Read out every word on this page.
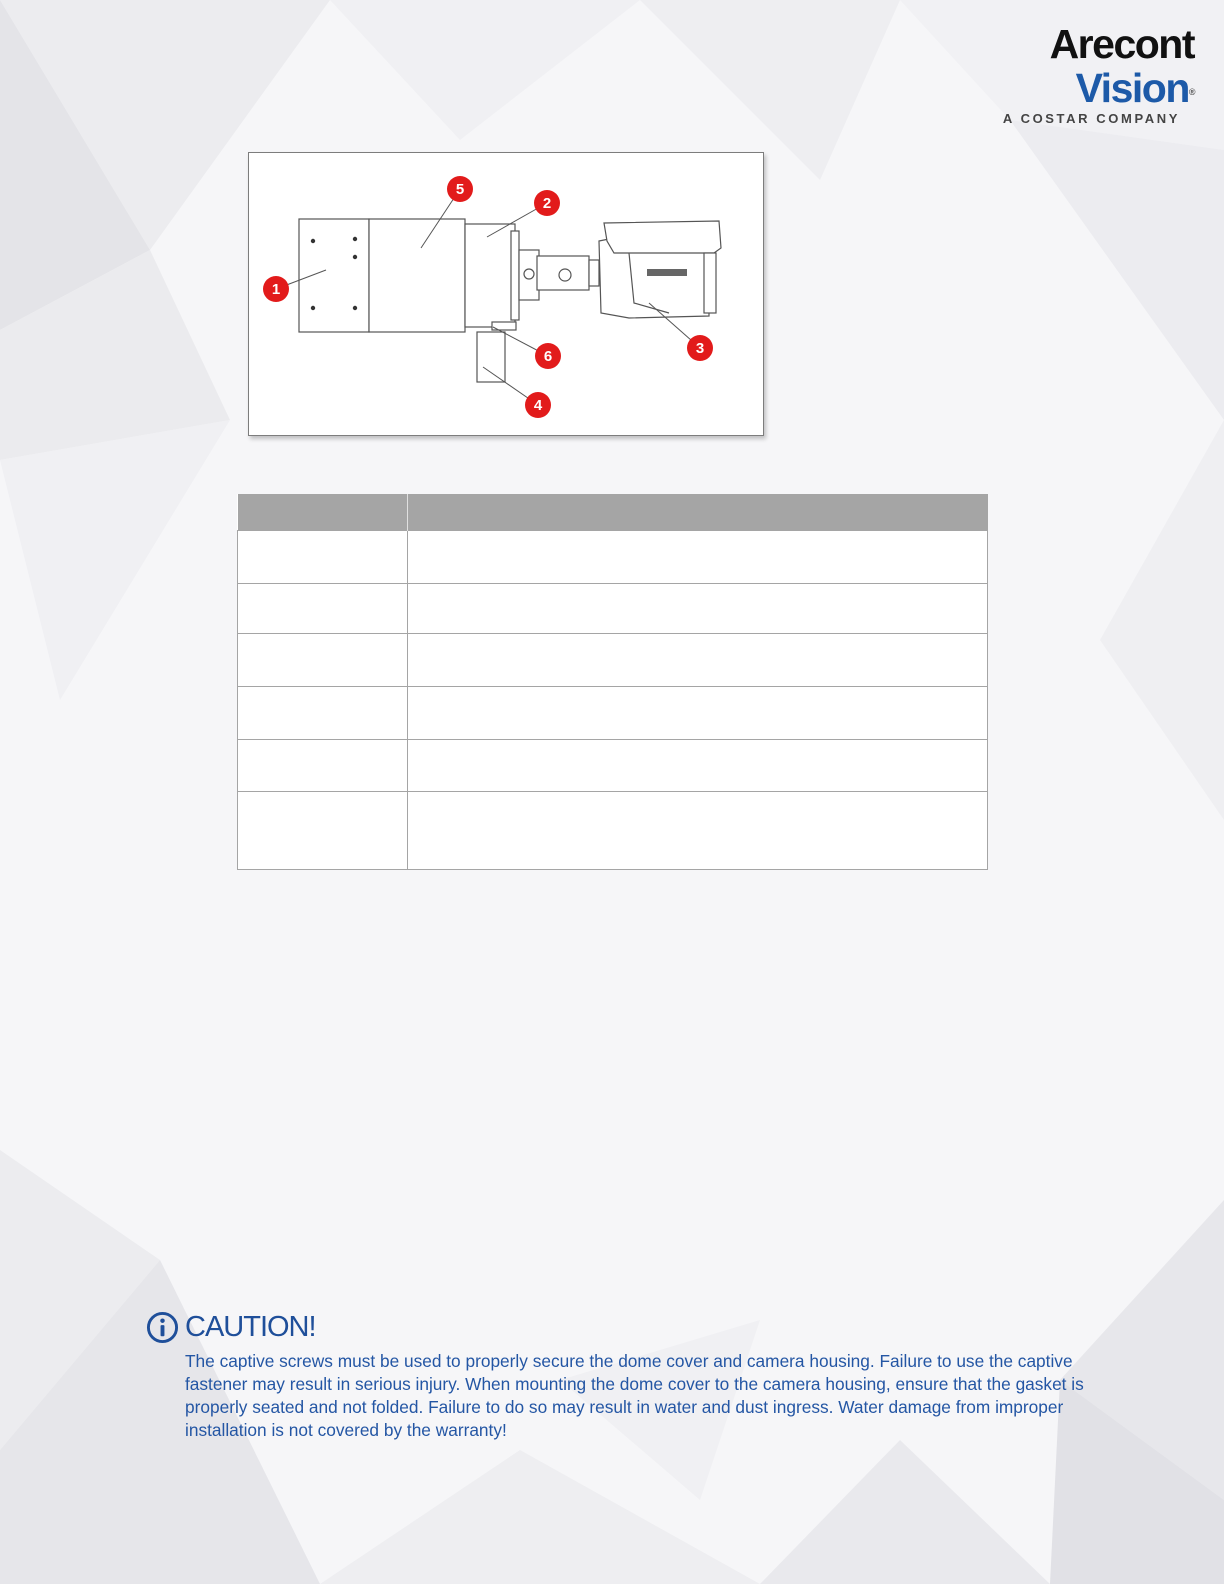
Arecont Vision®
A COSTAR COMPANY
1
2
3
4
5
6

CAUTION!
The captive screws must be used to properly secure the dome cover and camera housing. Failure to use the captive fastener may result in serious injury. When mounting the dome cover to the camera housing, ensure that the gasket is properly seated and not folded. Failure to do so may result in water and dust ingress. Water damage from improper installation is not covered by the warranty!
